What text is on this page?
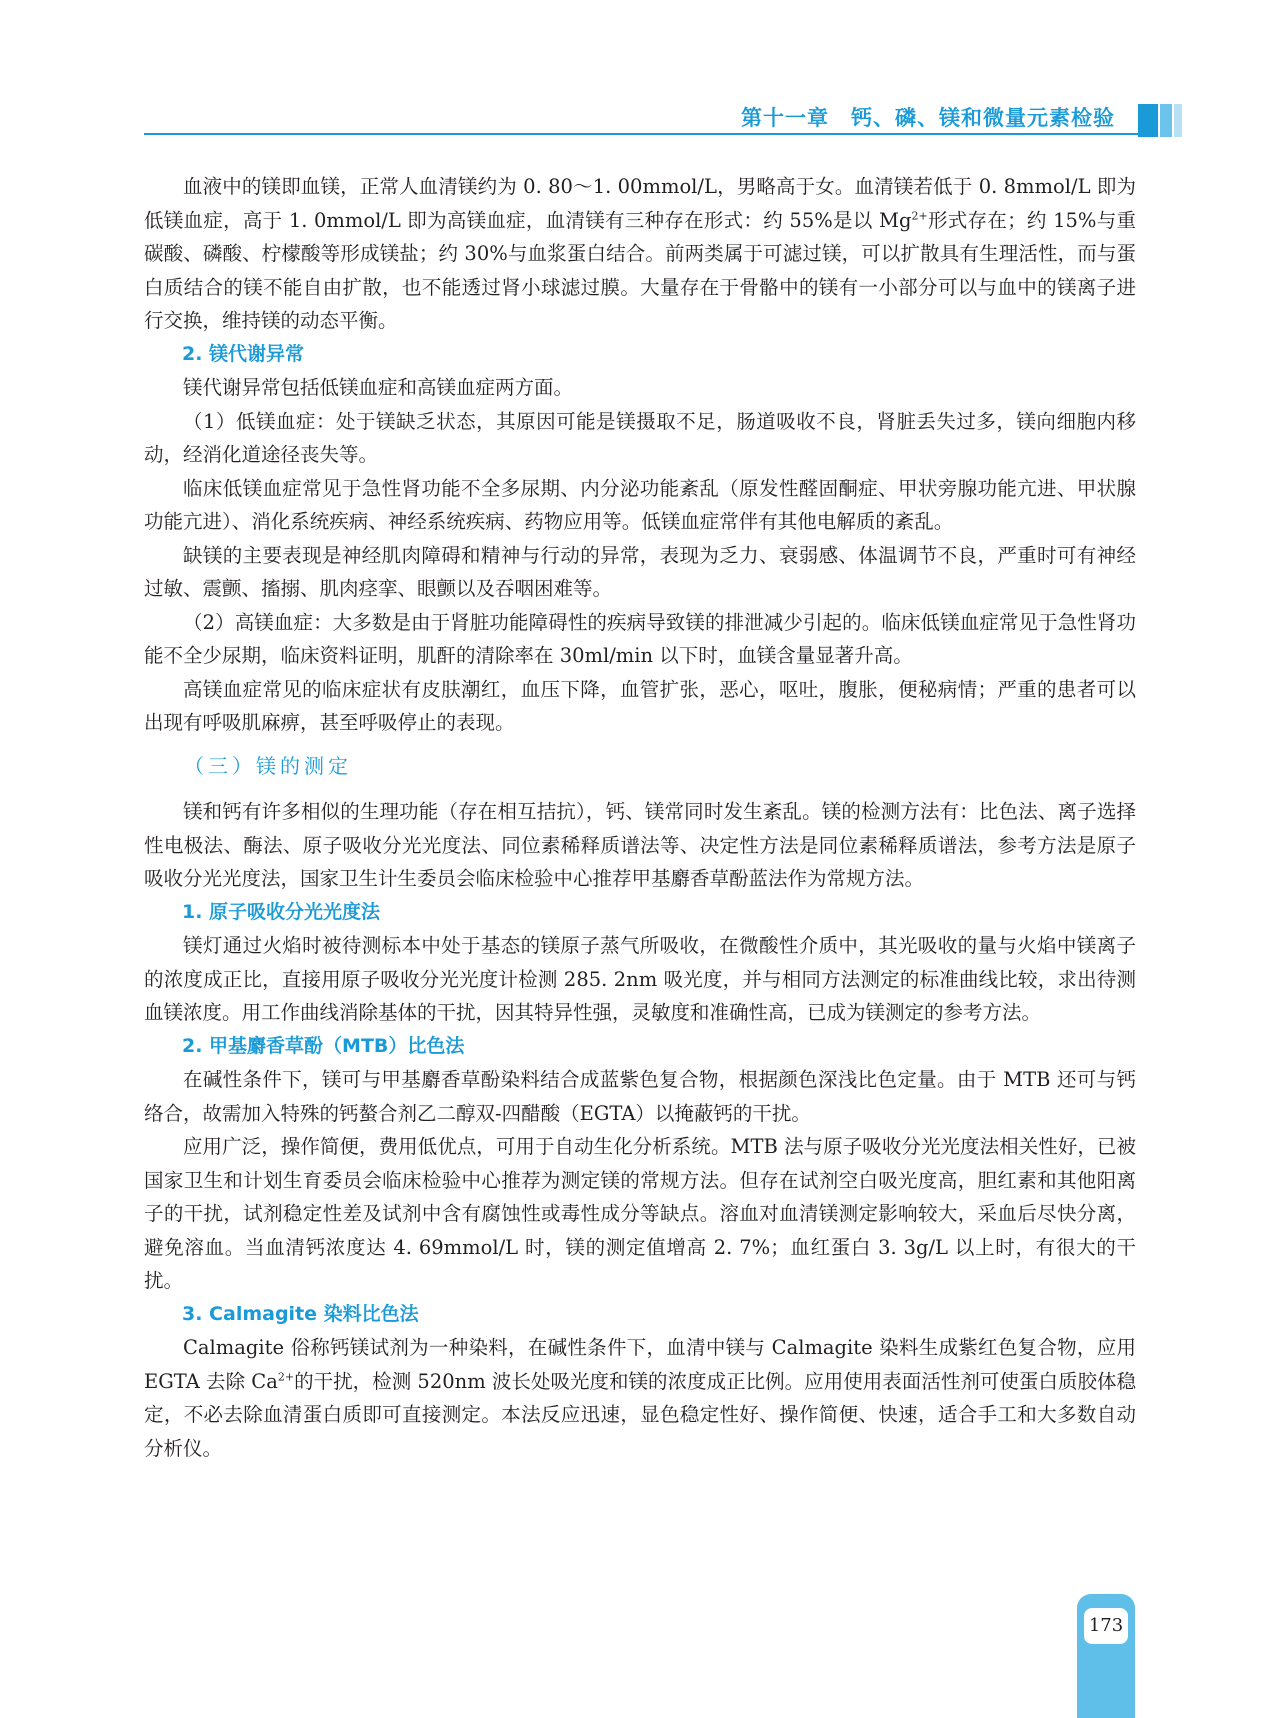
第十一章　钙、磷、镁和微量元素检验

血液中的镁即血镁，正常人血清镁约为 0. 80～1. 00mmol/L，男略高于女。血清镁若低于 0. 8mmol/L 即为低镁血症，高于 1. 0mmol/L 即为高镁血症，血清镁有三种存在形式：约 55%是以 $Mg^{2+}$形式存在；约 15%与重碳酸、磷酸、柠檬酸等形成镁盐；约 30%与血浆蛋白结合。前两类属于可滤过镁，可以扩散具有生理活性，而与蛋白质结合的镁不能自由扩散，也不能透过肾小球滤过膜。大量存在于骨骼中的镁有一小部分可以与血中的镁离子进行交换，维持镁的动态平衡。

2. 镁代谢异常

镁代谢异常包括低镁血症和高镁血症两方面。

（1）低镁血症：处于镁缺乏状态，其原因可能是镁摄取不足，肠道吸收不良，肾脏丢失过多，镁向细胞内移动，经消化道途径丧失等。

临床低镁血症常见于急性肾功能不全多尿期、内分泌功能紊乱（原发性醛固酮症、甲状旁腺功能亢进、甲状腺功能亢进）、消化系统疾病、神经系统疾病、药物应用等。低镁血症常伴有其他电解质的紊乱。

缺镁的主要表现是神经肌肉障碍和精神与行动的异常，表现为乏力、衰弱感、体温调节不良，严重时可有神经过敏、震颤、搐搦、肌肉痉挛、眼颤以及吞咽困难等。

（2）高镁血症：大多数是由于肾脏功能障碍性的疾病导致镁的排泄减少引起的。临床低镁血症常见于急性肾功能不全少尿期，临床资料证明，肌酐的清除率在 30ml/min 以下时，血镁含量显著升高。

高镁血症常见的临床症状有皮肤潮红，血压下降，血管扩张，恶心，呕吐，腹胀，便秘病情；严重的患者可以出现有呼吸肌麻痹，甚至呼吸停止的表现。

（三）镁的测定

镁和钙有许多相似的生理功能（存在相互拮抗），钙、镁常同时发生紊乱。镁的检测方法有：比色法、离子选择性电极法、酶法、原子吸收分光光度法、同位素稀释质谱法等、决定性方法是同位素稀释质谱法，参考方法是原子吸收分光光度法，国家卫生计生委员会临床检验中心推荐甲基麝香草酚蓝法作为常规方法。

1. 原子吸收分光光度法

镁灯通过火焰时被待测标本中处于基态的镁原子蒸气所吸收，在微酸性介质中，其光吸收的量与火焰中镁离子的浓度成正比，直接用原子吸收分光光度计检测 285. 2nm 吸光度，并与相同方法测定的标准曲线比较，求出待测血镁浓度。用工作曲线消除基体的干扰，因其特异性强，灵敏度和准确性高，已成为镁测定的参考方法。

2. 甲基麝香草酚（MTB）比色法

在碱性条件下，镁可与甲基麝香草酚染料结合成蓝紫色复合物，根据颜色深浅比色定量。由于 MTB 还可与钙络合，故需加入特殊的钙螯合剂乙二醇双-四醋酸（EGTA）以掩蔽钙的干扰。

应用广泛，操作简便，费用低优点，可用于自动生化分析系统。MTB 法与原子吸收分光光度法相关性好，已被国家卫生和计划生育委员会临床检验中心推荐为测定镁的常规方法。但存在试剂空白吸光度高，胆红素和其他阳离子的干扰，试剂稳定性差及试剂中含有腐蚀性或毒性成分等缺点。溶血对血清镁测定影响较大，采血后尽快分离，避免溶血。当血清钙浓度达 4. 69mmol/L 时，镁的测定值增高 2. 7%；血红蛋白 3. 3g/L 以上时，有很大的干扰。

3. Calmagite 染料比色法

Calmagite 俗称钙镁试剂为一种染料，在碱性条件下，血清中镁与 Calmagite 染料生成紫红色复合物，应用 EGTA 去除 $Ca^{2+}$的干扰，检测 520nm 波长处吸光度和镁的浓度成正比例。应用使用表面活性剂可使蛋白质胶体稳定，不必去除血清蛋白质即可直接测定。本法反应迅速，显色稳定性好、操作简便、快速，适合手工和大多数自动分析仪。

173
